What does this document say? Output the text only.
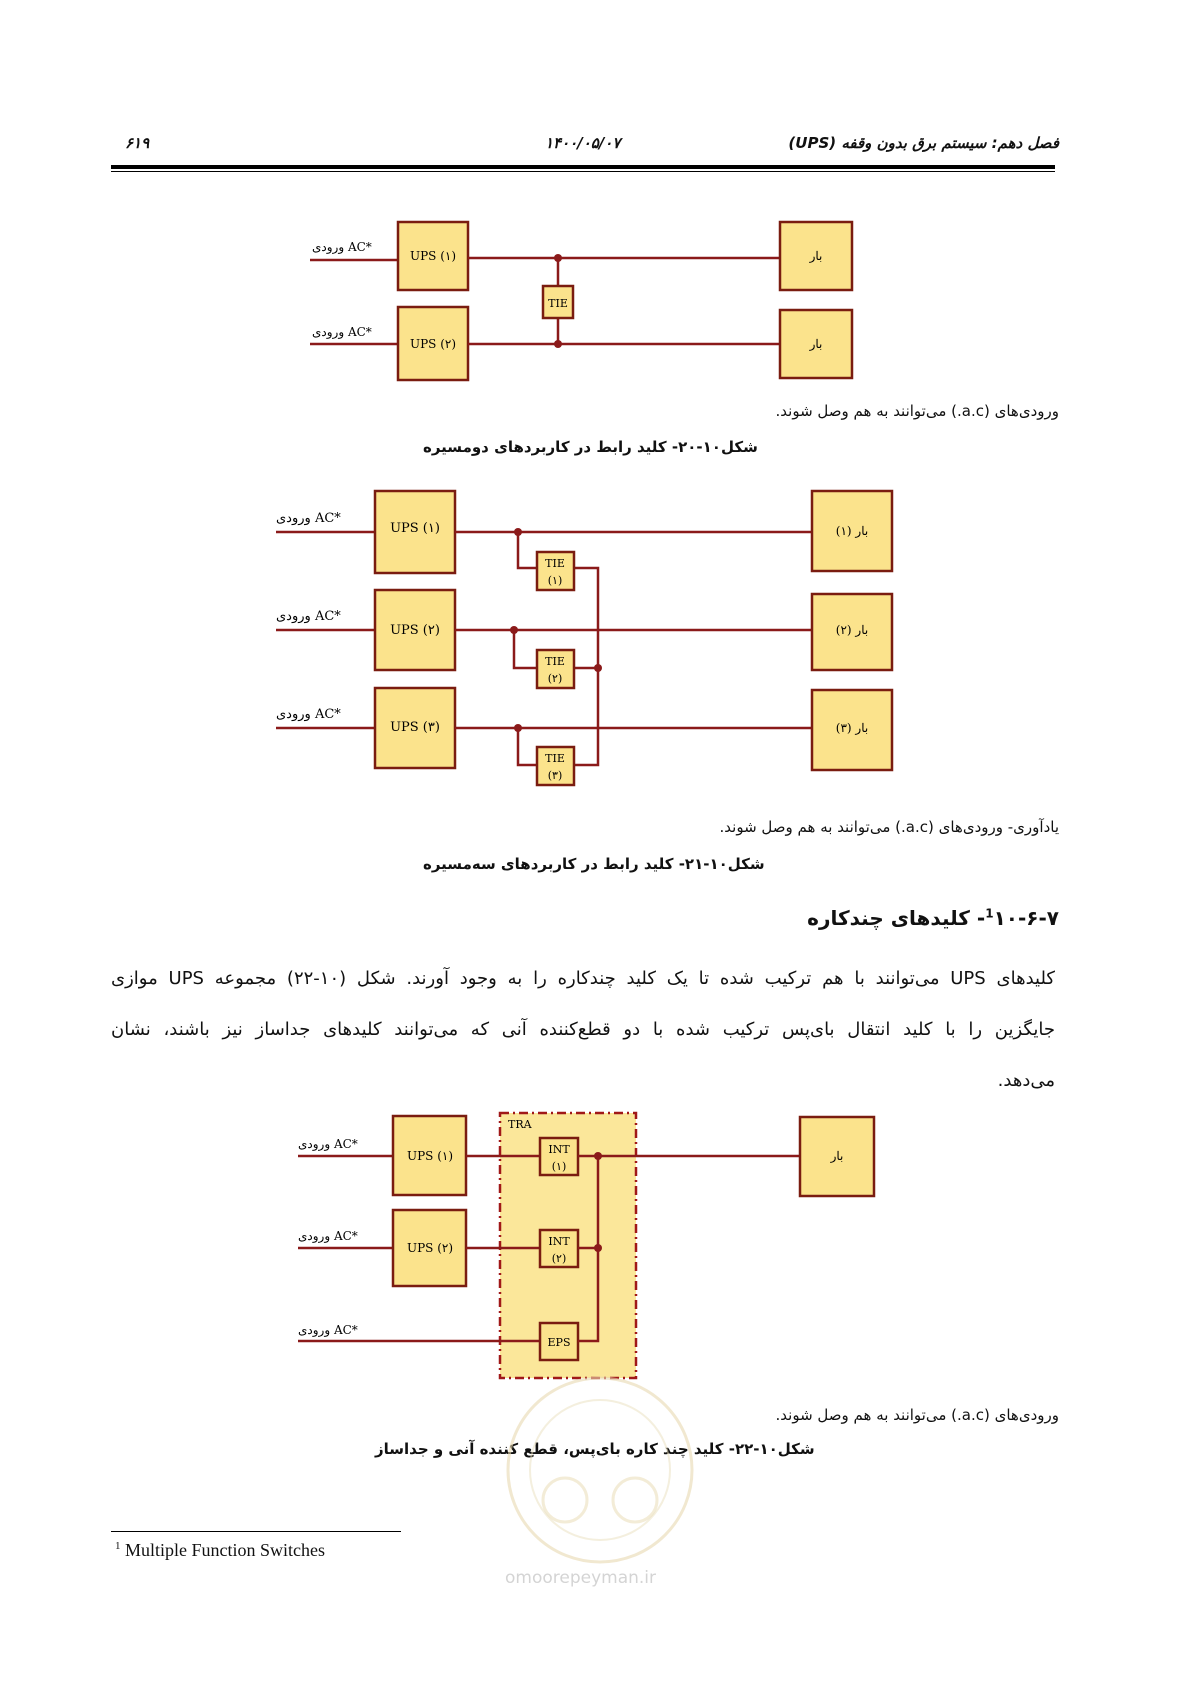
۶۱۹	۱۴۰۰/۰۵/۰۷	فصل دهم: سیستم برق بدون وقفه (UPS)
ورودی AC*
ورودی AC*
UPS (۱)
UPS (۲)
TIE
بار
بار
ورودی AC*
ورودی AC*
ورودی AC*
UPS (۱)
UPS (۲)
UPS (۳)
TIE
(۱)
TIE
(۲)
TIE
(۳)
بار (۱)
بار (۲)
بار (۳)
TRA
ورودی AC*
ورودی AC*
ورودی AC*
UPS (۱)
UPS (۲)
INT
(۱)
INT
(۲)
EPS
بار
ورودی‌های (a.c.) می‌توانند به هم وصل شوند.
شکل۱۰-۲۰- کلید رابط در کاربردهای دومسیره
یادآوری- ورودی‌های (a.c.) می‌توانند به هم وصل شوند.
شکل۱۰-۲۱- کلید رابط در کاربردهای سه‌مسیره
$^1$۱۰-۶-۷- کلیدهای چندکاره
کلیدهای UPS می‌توانند با هم ترکیب شده تا یک کلید چندکاره را به وجود آورند. شکل (۱۰-۲۲) مجموعه UPS موازی
جایگزین را با کلید انتقال بای‌پس ترکیب شده با دو قطع‌کننده آنی که می‌توانند کلیدهای جداساز نیز باشند، نشان
می‌دهد.
ورودی‌های (a.c.) می‌توانند به هم وصل شوند.
شکل۱۰-۲۲- کلید چند کاره بای‌پس، قطع کننده آنی و جداساز
omoorepeyman.ir
$^1$ Multiple Function Switches
